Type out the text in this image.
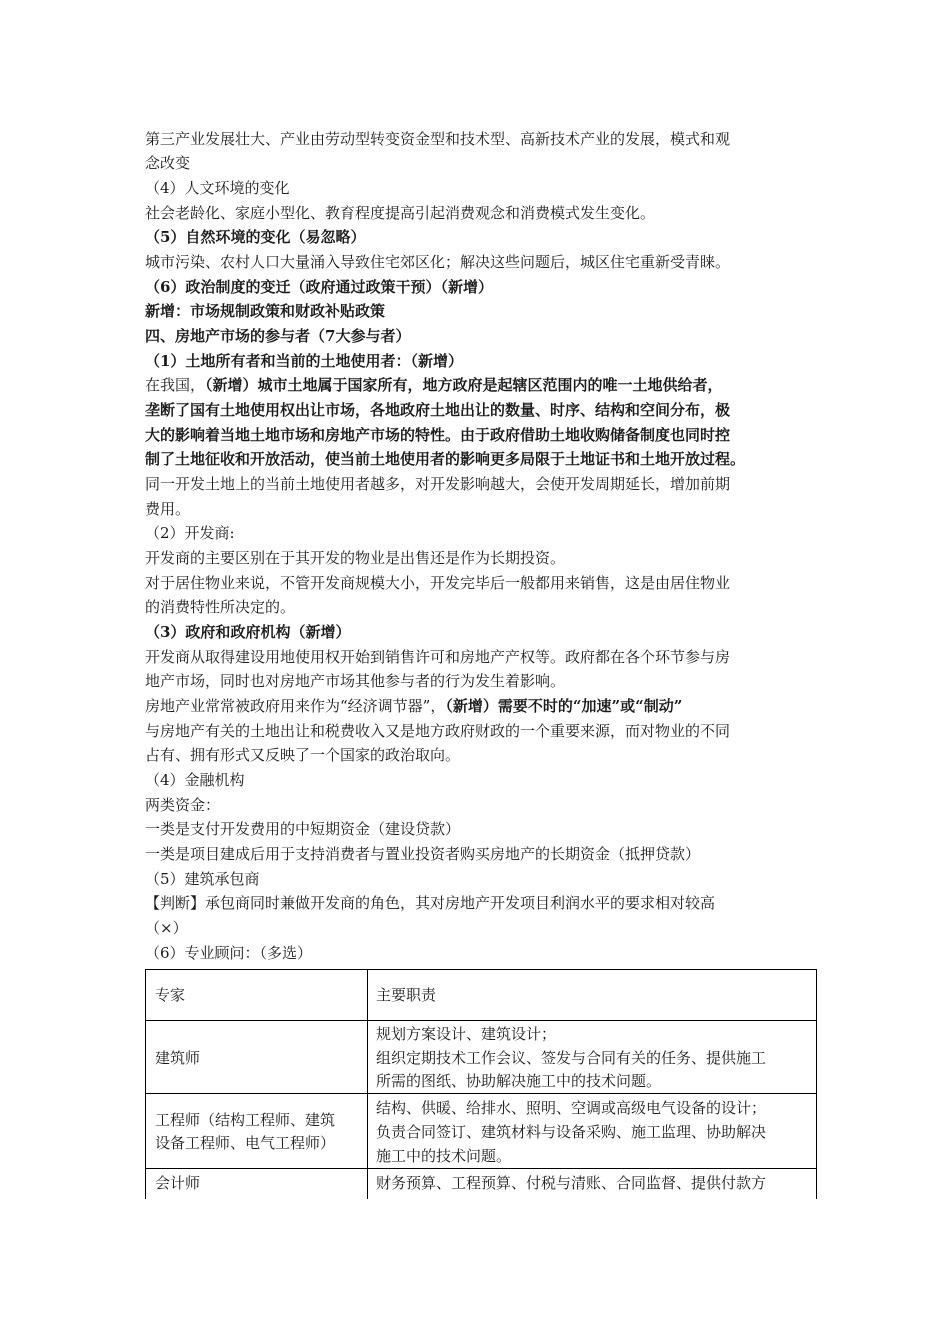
第三产业发展壮大、产业由劳动型转变资金型和技术型、高新技术产业的发展，模式和观
念改变
（4）人文环境的变化
社会老龄化、家庭小型化、教育程度提高引起消费观念和消费模式发生变化。
（5）自然环境的变化（易忽略）
城市污染、农村人口大量涌入导致住宅郊区化；解决这些问题后，城区住宅重新受青睐。
（6）政治制度的变迁（政府通过政策干预）（新增）
新增：市场规制政策和财政补贴政策
四、房地产市场的参与者（7大参与者）
（1）土地所有者和当前的土地使用者：（新增）
在我国，（新增）城市土地属于国家所有，地方政府是起辖区范围内的唯一土地供给者，
垄断了国有土地使用权出让市场，各地政府土地出让的数量、时序、结构和空间分布，极
大的影响着当地土地市场和房地产市场的特性。由于政府借助土地收购储备制度也同时控
制了土地征收和开放活动，使当前土地使用者的影响更多局限于土地证书和土地开放过程。
同一开发土地上的当前土地使用者越多，对开发影响越大，会使开发周期延长，增加前期
费用。
（2）开发商:
开发商的主要区别在于其开发的物业是出售还是作为长期投资。
对于居住物业来说，不管开发商规模大小，开发完毕后一般都用来销售，这是由居住物业
的消费特性所决定的。
（3）政府和政府机构（新增）
开发商从取得建设用地使用权开始到销售许可和房地产产权等。政府都在各个环节参与房
地产市场，同时也对房地产市场其他参与者的行为发生着影响。
房地产业常常被政府用来作为“经济调节器”，（新增）需要不时的“加速”或“制动”
与房地产有关的土地出让和税费收入又是地方政府财政的一个重要来源，而对物业的不同
占有、拥有形式又反映了一个国家的政治取向。
（4）金融机构
两类资金：
一类是支付开发费用的中短期资金（建设贷款）
一类是项目建成后用于支持消费者与置业投资者购买房地产的长期资金（抵押贷款）
（5）建筑承包商
【判断】承包商同时兼做开发商的角色，其对房地产开发项目利润水平的要求相对较高
（×）
（6）专业顾问：（多选）
专家	主要职责
建筑师
规划方案设计、建筑设计；
组织定期技术工作会议、签发与合同有关的任务、提供施工
所需的图纸、协助解决施工中的技术问题。
工程师（结构工程师、建筑
设备工程师、电气工程师）
结构、供暖、给排水、照明、空调或高级电气设备的设计；
负责合同签订、建筑材料与设备采购、施工监理、协助解决
施工中的技术问题。
会计师	财务预算、工程预算、付税与清账、合同监督、提供付款方
